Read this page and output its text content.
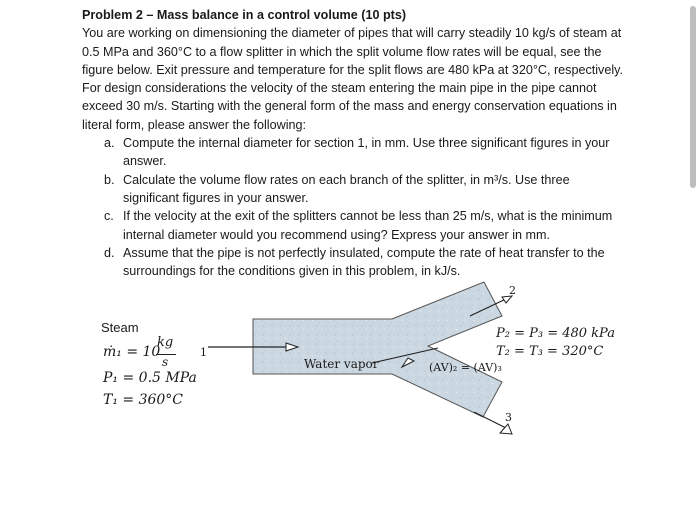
Problem 2 – Mass balance in a control volume (10 pts)

You are working on dimensioning the diameter of pipes that will carry steadily 10 kg/s of steam at 0.5 MPa and 360°C to a flow splitter in which the split volume flow rates will be equal, see the figure below. Exit pressure and temperature for the split flows are 480 kPa at 320°C, respectively. For design considerations the velocity of the steam entering the main pipe in the pipe cannot exceed 30 m/s. Starting with the general form of the mass and energy conservation equations in literal form, please answer the following:

a. Compute the internal diameter for section 1, in mm. Use three significant figures in your answer.
b. Calculate the volume flow rates on each branch of the splitter, in m³/s. Use three significant figures in your answer.
c. If the velocity at the exit of the splitters cannot be less than 25 m/s, what is the minimum internal diameter would you recommend using? Express your answer in mm.
d. Assume that the pipe is not perfectly insulated, compute the rate of heat transfer to the surroundings for the conditions given in this problem, in kJ/s.
Steam
ṁ₁ = 10
kg
s
P₁ = 0.5 MPa
T₁ = 360°C
1
2
3
Water vapor	(AV)₂ = (AV)₃
P₂ = P₃ = 480 kPa
T₂ = T₃ = 320°C
